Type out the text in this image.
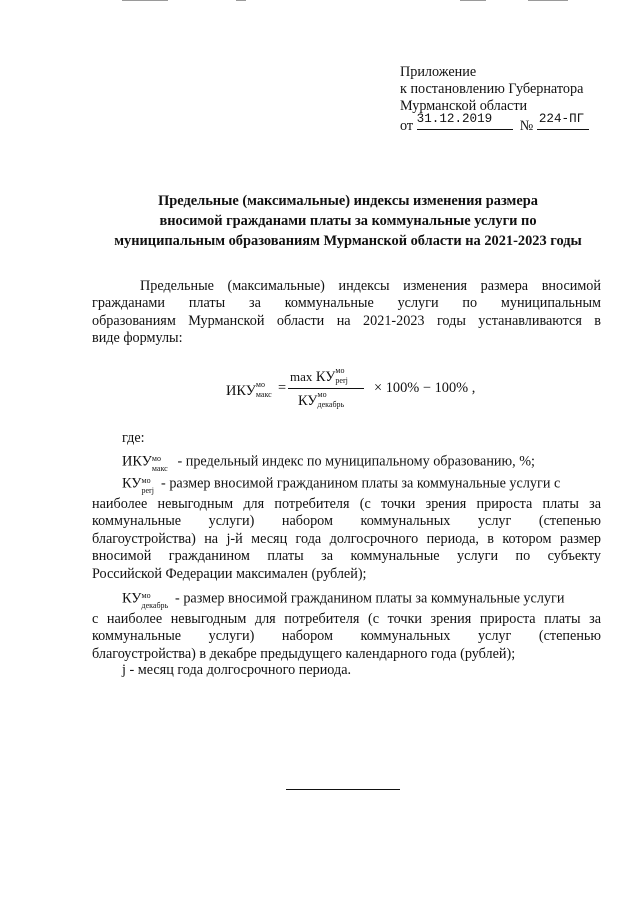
Приложение
к постановлению Губернатора
Мурманской области
от 31.12.2019 № 224-ПГ
Предельные (максимальные) индексы изменения размера
вносимой гражданами платы за коммунальные услуги по
муниципальным образованиям Мурманской области на 2021-2023 годы
Предельные (максимальные) индексы изменения размера вносимой
гражданами платы за коммунальные услуги по муниципальным
образованиям Мурманской области на 2021-2023 годы устанавливаются в
виде формулы:
ИКУ мо
макс =
max КУ мо
perj
КУ мо
декабрь
× 100% − 100% ,
где:
ИКУ мо
макс - предельный индекс по муниципальному образованию, %;
КУ мо
perj - размер вносимой гражданином платы за коммунальные услуги с
наиболее невыгодным для потребителя (с точки зрения прироста платы за
коммунальные услуги) набором коммунальных услуг (степенью
благоустройства) на j-й месяц года долгосрочного периода, в котором размер
вносимой гражданином платы за коммунальные услуги по субъекту
Российской Федерации максимален (рублей);
КУ мо
декабрь - размер вносимой гражданином платы за коммунальные услуги
с наиболее невыгодным для потребителя (с точки зрения прироста платы за
коммунальные услуги) набором коммунальных услуг (степенью
благоустройства) в декабре предыдущего календарного года (рублей);
j - месяц года долгосрочного периода.
